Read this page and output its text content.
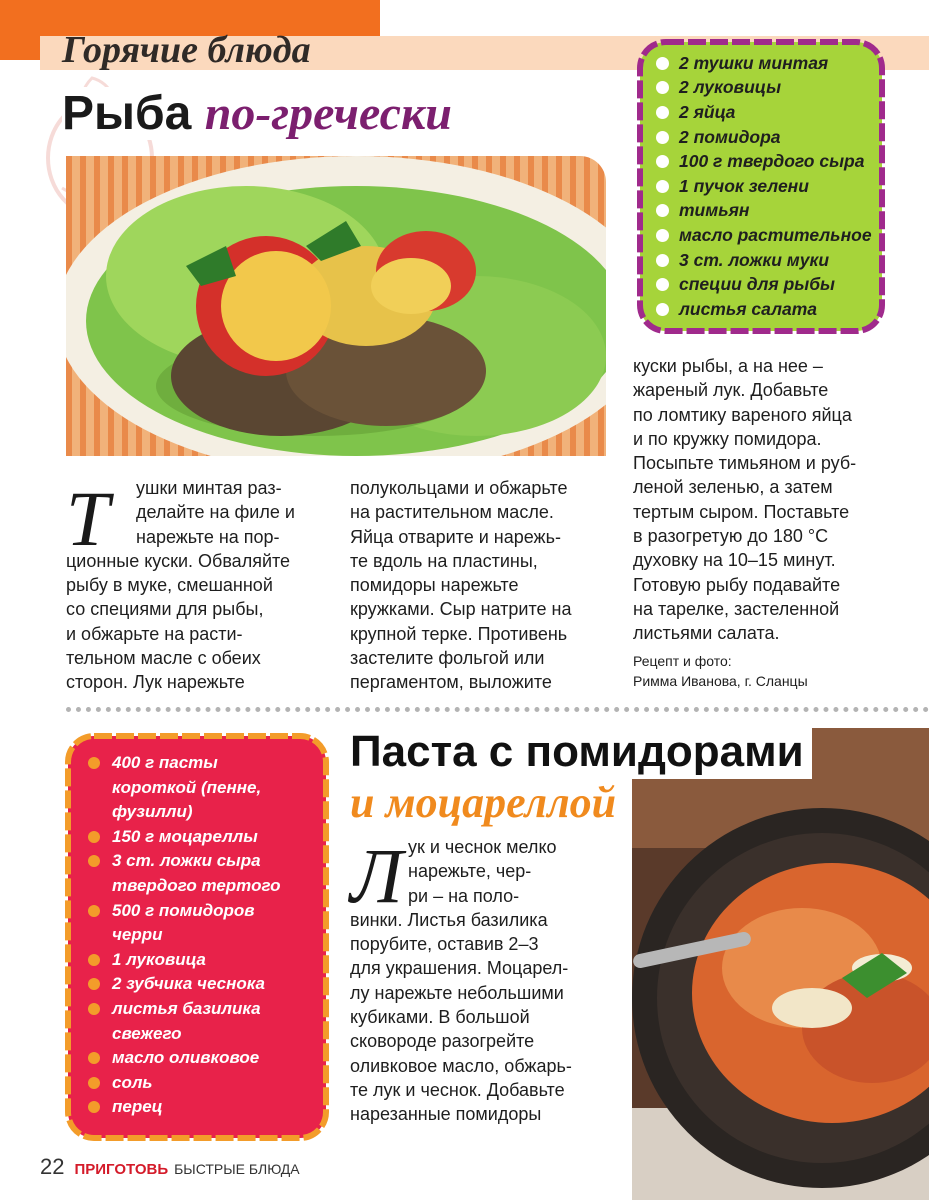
Горячие блюда
Рыба по-гречески
2 тушки минтая
2 луковицы
2 яйца
2 помидора
100 г твердого сыра
1 пучок зелени
тимьян
масло растительное
3 ст. ложки муки
специи для рыбы
листья салата
Т ушки минтая раз-
делайте на филе и
нарежьте на пор-

ционные куски. Обваляйте
рыбу в муке, смешанной
со специями для рыбы,
и обжарьте на расти-
тельном масле с обеих
сторон. Лук нарежьте

полукольцами и обжарьте
на растительном масле.
Яйца отварите и нарежь-
те вдоль на пластины,
помидоры нарежьте
кружками. Сыр натрите на
крупной терке. Противень
застелите фольгой или
пергаментом, выложите

куски рыбы, а на нее –
жареный лук. Добавьте
по ломтику вареного яйца
и по кружку помидора.
Посыпьте тимьяном и руб-
леной зеленью, а затем
тертым сыром. Поставьте
в разогретую до 180 °С
духовку на 10–15 минут.
Готовую рыбу подавайте
на тарелке, застеленной
листьями салата.

Рецепт и фото:
Римма Иванова, г. Сланцы
400 г пасты
короткой (пенне,
фузилли)
150 г моцареллы
3 ст. ложки сыра
твердого тертого
500 г помидоров
черри
1 луковица
2 зубчика чеснока
листья базилика
свежего
масло оливковое
соль
перец
Паста с помидорами
и моцареллой
Л ук и чеснок мелко
нарежьте, чер-
ри – на поло-

винки. Листья базилика
порубите, оставив 2–3
для украшения. Моцарел-
лу нарежьте небольшими
кубиками. В большой
сковороде разогрейте
оливковое масло, обжарь-
те лук и чеснок. Добавьте
нарезанные помидоры

22 ПРИГОТОВЬ БЫСТРЫЕ БЛЮДА
